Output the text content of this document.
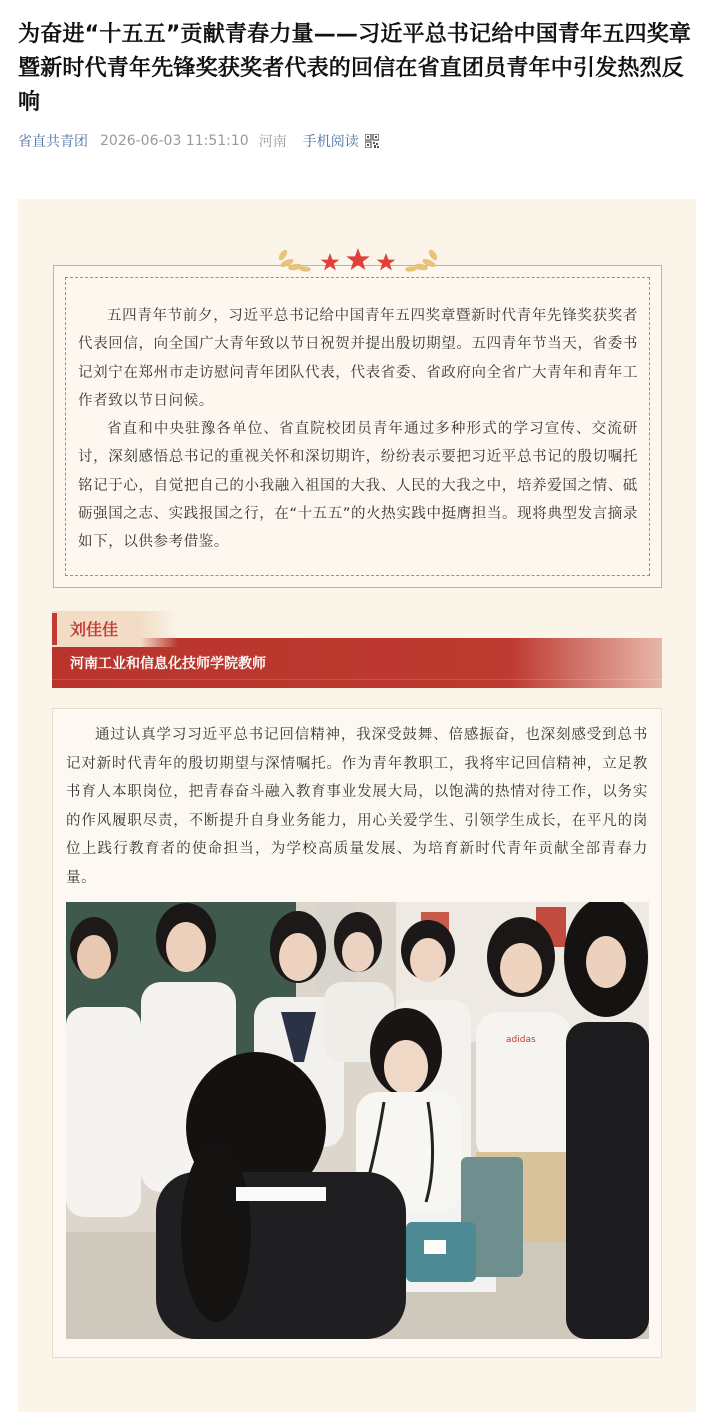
为奋进“十五五”贡献青春力量——习近平总书记给中国青年五四奖章暨新时代青年先锋奖获奖者代表的回信在省直团员青年中引发热烈反响
省直共青团 2026-06-03 11:51:10 河南 手机阅读

五四青年节前夕，习近平总书记给中国青年五四奖章暨新时代青年先锋奖获奖者代表回信，向全国广大青年致以节日祝贺并提出殷切期望。五四青年节当天，省委书记刘宁在郑州市走访慰问青年团队代表，代表省委、省政府向全省广大青年和青年工作者致以节日问候。

省直和中央驻豫各单位、省直院校团员青年通过多种形式的学习宣传、交流研讨，深刻感悟总书记的重视关怀和深切期许，纷纷表示要把习近平总书记的殷切嘱托铭记于心，自觉把自己的小我融入祖国的大我、人民的大我之中，培养爱国之情、砥砺强国之志、实践报国之行，在“十五五”的火热实践中挺膺担当。现将典型发言摘录如下，以供参考借鉴。

河南工业和信息化技师学院教师
刘佳佳

通过认真学习习近平总书记回信精神，我深受鼓舞、倍感振奋，也深刻感受到总书记对新时代青年的殷切期望与深情嘱托。作为青年教职工，我将牢记回信精神，立足教书育人本职岗位，把青春奋斗融入教育事业发展大局，以饱满的热情对待工作，以务实的作风履职尽责，不断提升自身业务能力，用心关爱学生、引领学生成长，在平凡的岗位上践行教育者的使命担当，为学校高质量发展、为培育新时代青年贡献全部青春力量。

adidas
